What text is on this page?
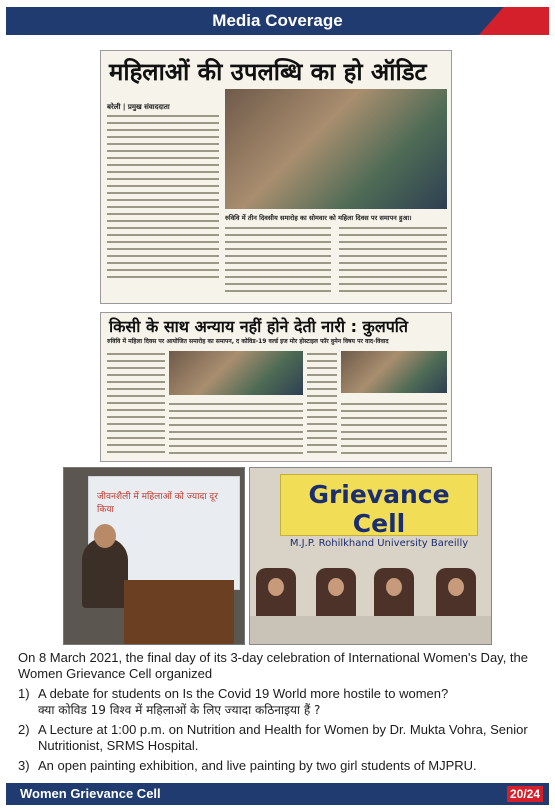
Media Coverage
महिलाओं की उपलब्धि का हो ऑडिट
बरेली | प्रमुख संवाददाता
रुविवि में तीन दिवसीय समारोह का सोमवार को महिला दिवस पर समापन हुआ।
किसी के साथ अन्याय नहीं होने देती नारी : कुलपति
रुविवि में महिला दिवस पर आयोजित समारोह का समापन, द कोविड-19 वर्ल्ड इज मोर होस्टाइल फॉर वुमेन विषय पर वाद-विवाद
जीवनशैली में महिलाओं को ज्यादा दूर किया
Grievance Cell
M.J.P. Rohilkhand University Bareilly

On 8 March 2021, the final day of its 3-day celebration of International Women's Day, the Women Grievance Cell organized

1) A debate for students on Is the Covid 19 World more hostile to women?
क्या कोविड 19 विश्व में महिलाओं के लिए ज्यादा कठिनाइया हैं ?
2) A Lecture at 1:00 p.m. on Nutrition and Health for Women by Dr. Mukta Vohra, Senior Nutritionist, SRMS Hospital.
3) An open painting exhibition, and live painting by two girl students of MJPRU.
Women Grievance Cell	20/24
